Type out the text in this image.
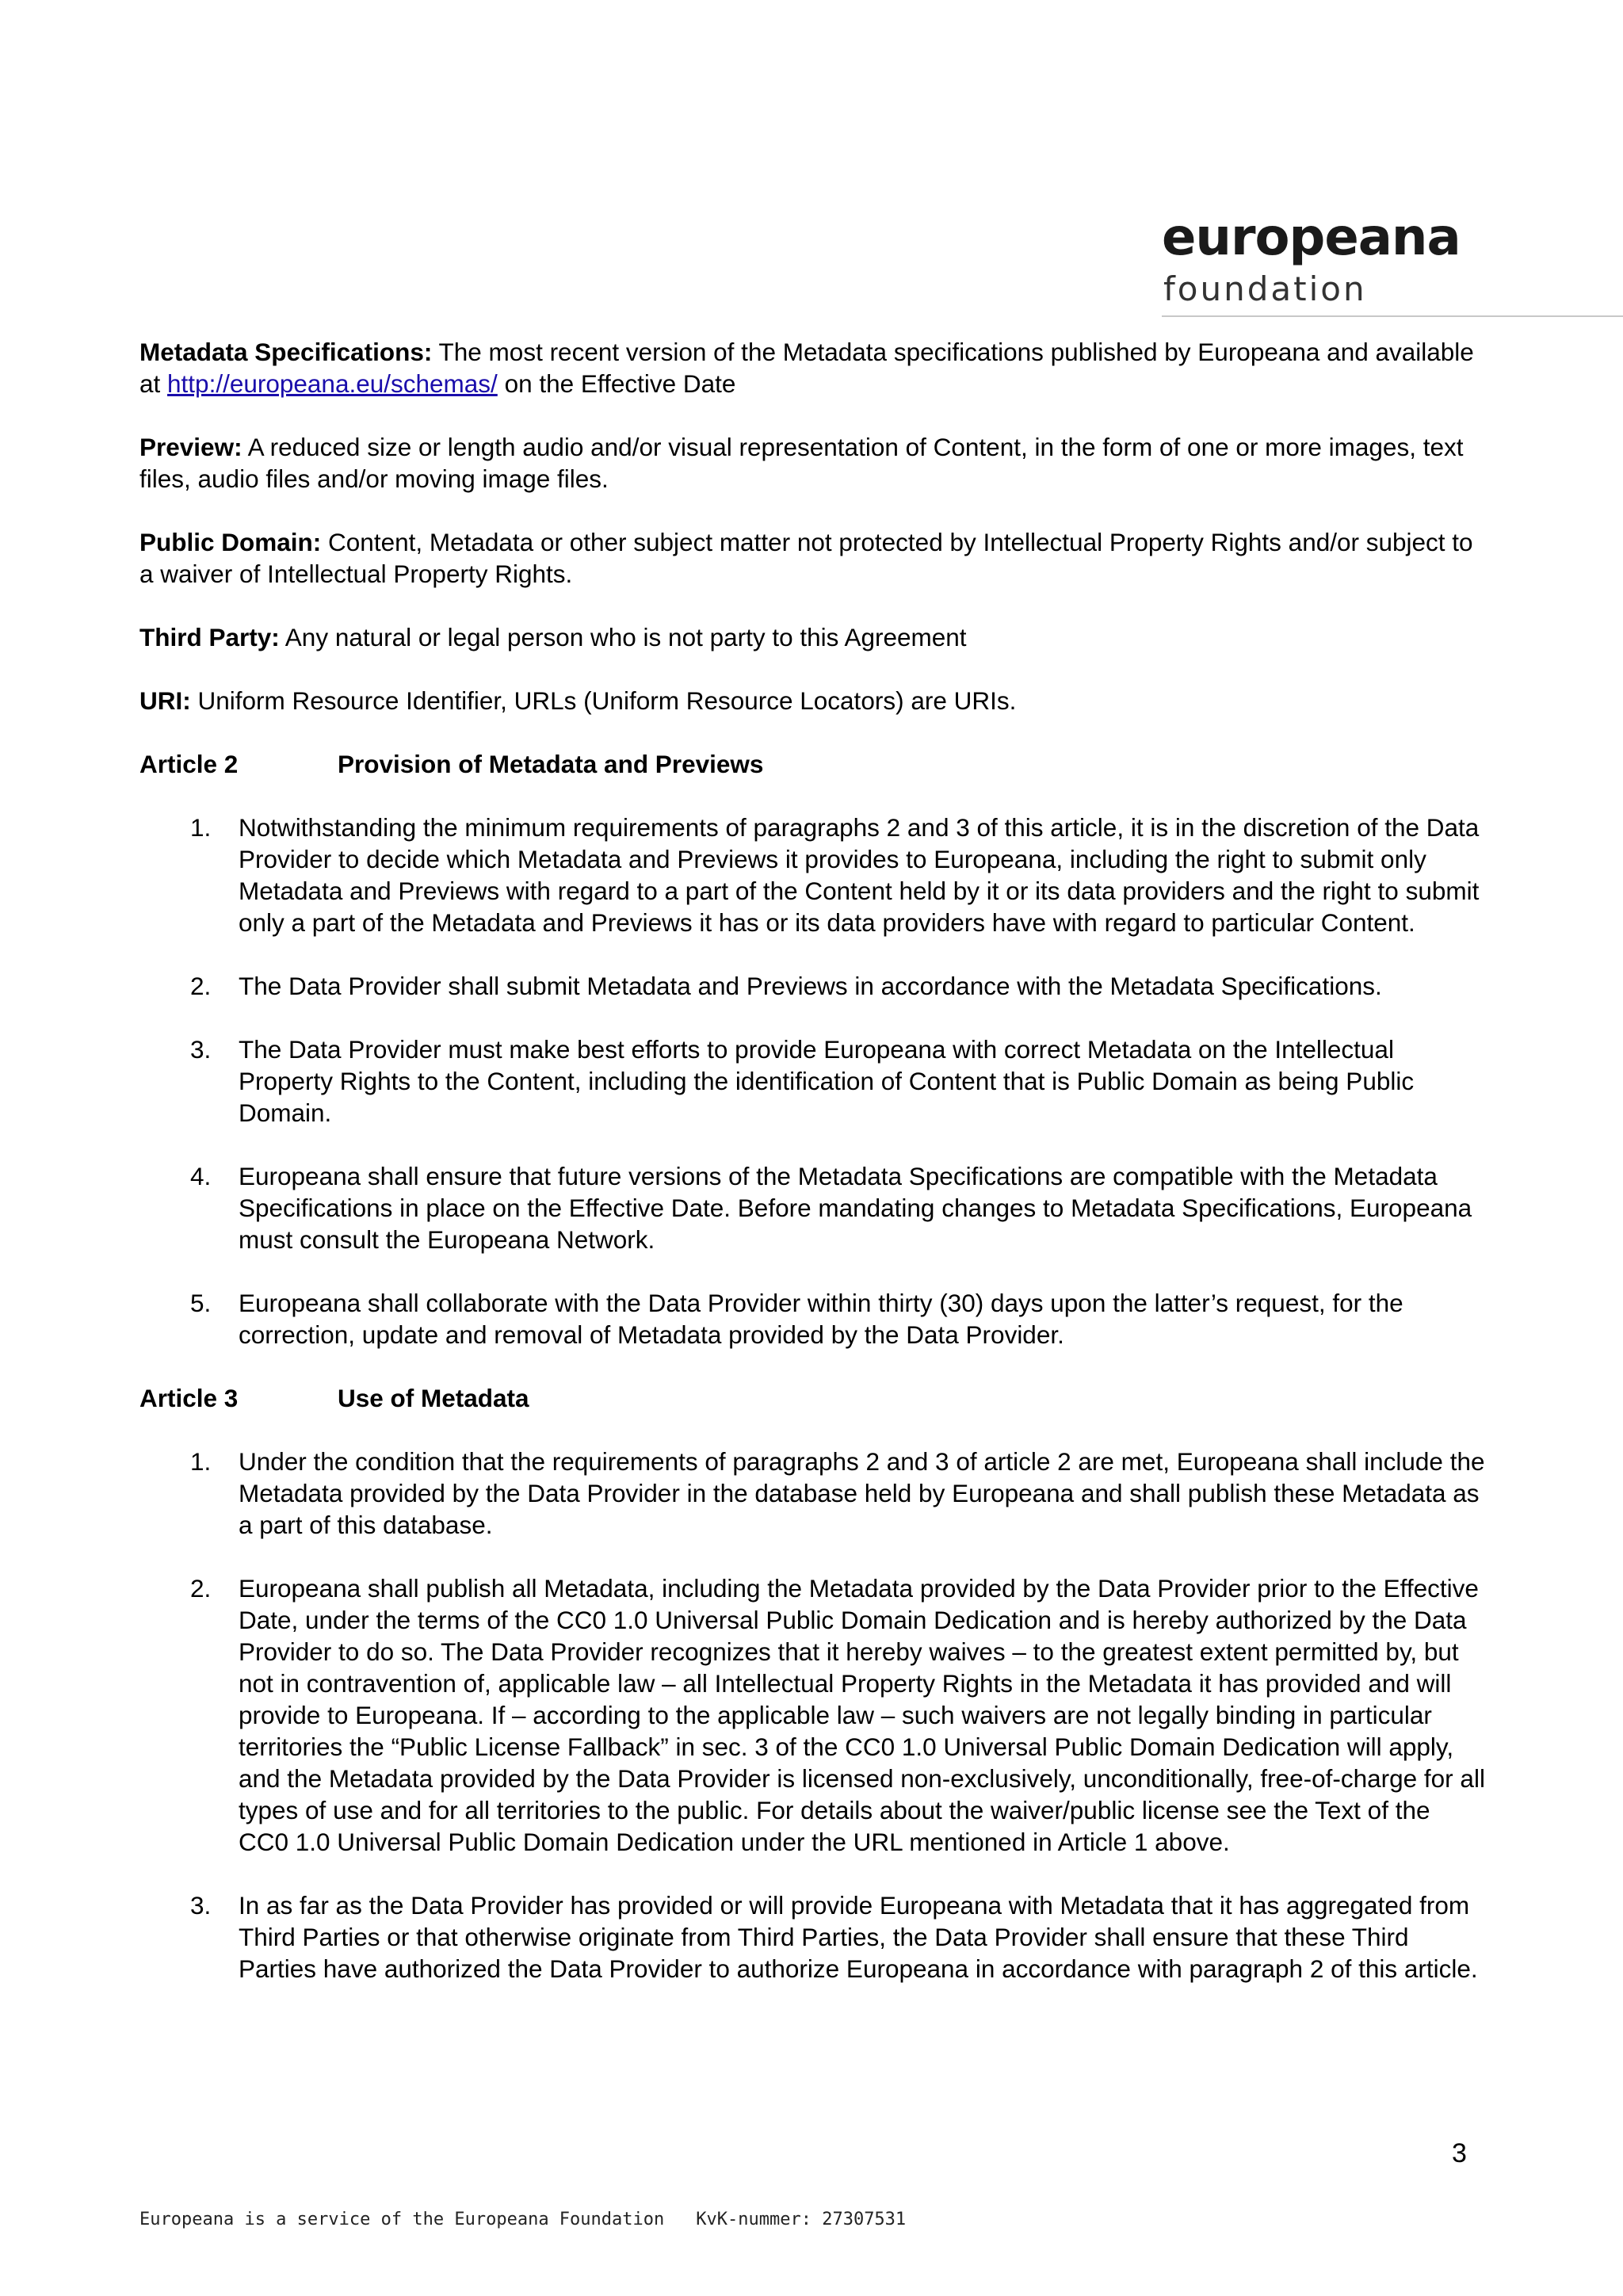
europeana
foundation

Metadata Specifications: The most recent version of the Metadata specifications published by Europeana and available at http://europeana.eu/schemas/ on the Effective Date

Preview: A reduced size or length audio and/or visual representation of Content, in the form of one or more images, text files, audio files and/or moving image files.

Public Domain: Content, Metadata or other subject matter not protected by Intellectual Property Rights and/or subject to a waiver of Intellectual Property Rights.

Third Party: Any natural or legal person who is not party to this Agreement

URI: Uniform Resource Identifier, URLs (Uniform Resource Locators) are URIs.

Article 2	Provision of Metadata and Previews
1. Notwithstanding the minimum requirements of paragraphs 2 and 3 of this article, it is in the discretion of the Data Provider to decide which Metadata and Previews it provides to Europeana, including the right to submit only Metadata and Previews with regard to a part of the Content held by it or its data providers and the right to submit only a part of the Metadata and Previews it has or its data providers have with regard to particular Content.
2. The Data Provider shall submit Metadata and Previews in accordance with the Metadata Specifications.
3. The Data Provider must make best efforts to provide Europeana with correct Metadata on the Intellectual Property Rights to the Content, including the identification of Content that is Public Domain as being Public Domain.
4. Europeana shall ensure that future versions of the Metadata Specifications are compatible with the Metadata Specifications in place on the Effective Date. Before mandating changes to Metadata Specifications, Europeana must consult the Europeana Network.
5. Europeana shall collaborate with the Data Provider within thirty (30) days upon the latter’s request, for the correction, update and removal of Metadata provided by the Data Provider.
Article 3	Use of Metadata
1. Under the condition that the requirements of paragraphs 2 and 3 of article 2 are met, Europeana shall include the Metadata provided by the Data Provider in the database held by Europeana and shall publish these Metadata as a part of this database.
2. Europeana shall publish all Metadata, including the Metadata provided by the Data Provider prior to the Effective Date, under the terms of the CC0 1.0 Universal Public Domain Dedication and is hereby authorized by the Data Provider to do so. The Data Provider recognizes that it hereby waives – to the greatest extent permitted by, but not in contravention of, applicable law – all Intellectual Property Rights in the Metadata it has provided and will provide to Europeana. If – according to the applicable law – such waivers are not legally binding in particular territories the “Public License Fallback” in sec. 3 of the CC0 1.0 Universal Public Domain Dedication will apply, and the Metadata provided by the Data Provider is licensed non-exclusively, unconditionally, free-of-charge for all types of use and for all territories to the public. For details about the waiver/public license see the Text of the CC0 1.0 Universal Public Domain Dedication under the URL mentioned in Article 1 above.
3. In as far as the Data Provider has provided or will provide Europeana with Metadata that it has aggregated from Third Parties or that otherwise originate from Third Parties, the Data Provider shall ensure that these Third Parties have authorized the Data Provider to authorize Europeana in accordance with paragraph 2 of this article.
3
Europeana is a service of the Europeana Foundation KvK-nummer: 27307531
